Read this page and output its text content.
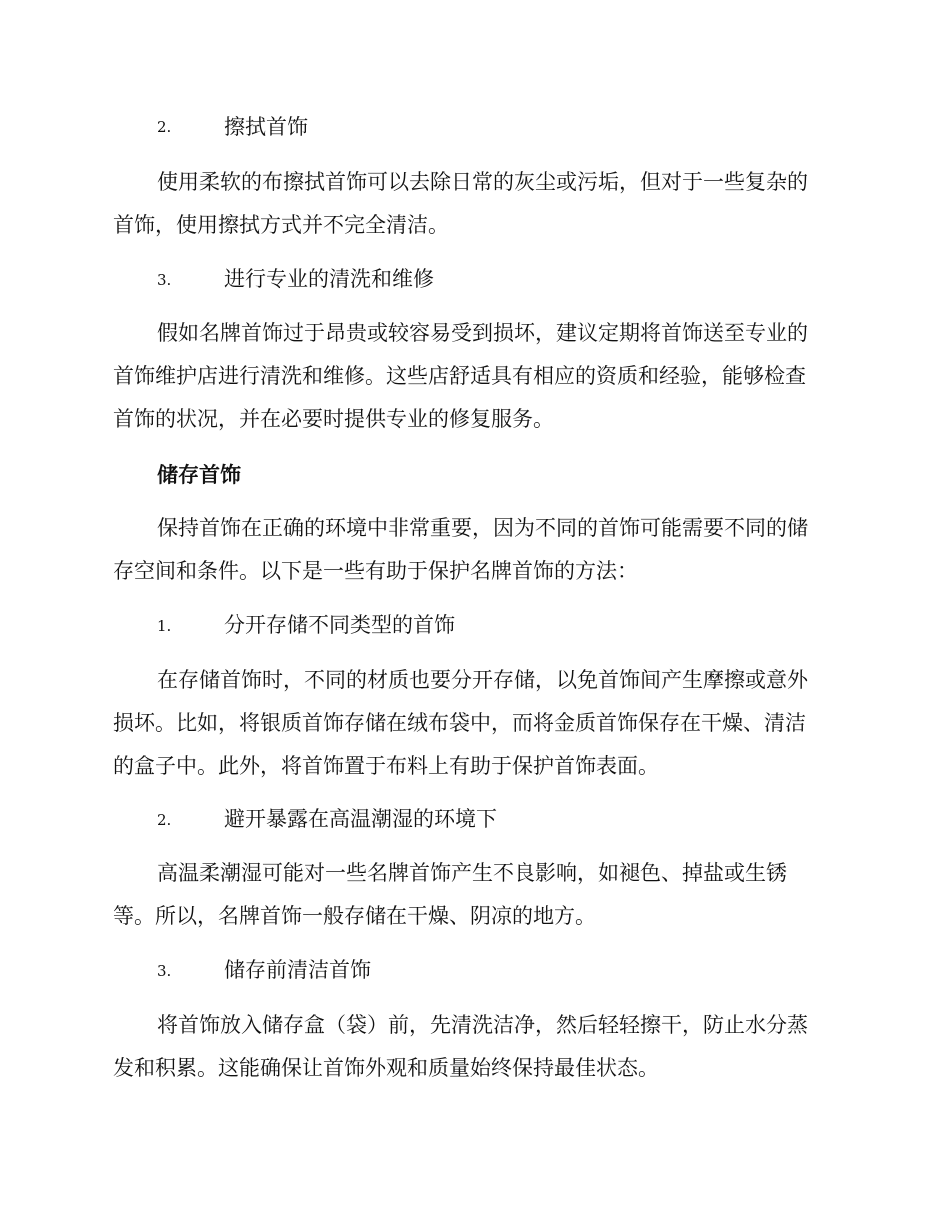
2.	擦拭首饰
使用柔软的布擦拭首饰可以去除日常的灰尘或污垢，但对于一些复杂的
首饰，使用擦拭方式并不完全清洁。
3.	进行专业的清洗和维修
假如名牌首饰过于昂贵或较容易受到损坏，建议定期将首饰送至专业的
首饰维护店进行清洗和维修。这些店舒适具有相应的资质和经验，能够检查
首饰的状况，并在必要时提供专业的修复服务。
储存首饰
保持首饰在正确的环境中非常重要，因为不同的首饰可能需要不同的储
存空间和条件。以下是一些有助于保护名牌首饰的方法：
1.	分开存储不同类型的首饰
在存储首饰时，不同的材质也要分开存储，以免首饰间产生摩擦或意外
损坏。比如，将银质首饰存储在绒布袋中，而将金质首饰保存在干燥、清洁
的盒子中。此外，将首饰置于布料上有助于保护首饰表面。
2.	避开暴露在高温潮湿的环境下
高温柔潮湿可能对一些名牌首饰产生不良影响，如褪色、掉盐或生锈
等。所以，名牌首饰一般存储在干燥、阴凉的地方。
3.	储存前清洁首饰
将首饰放入储存盒（袋）前，先清洗洁净，然后轻轻擦干，防止水分蒸
发和积累。这能确保让首饰外观和质量始终保持最佳状态。
